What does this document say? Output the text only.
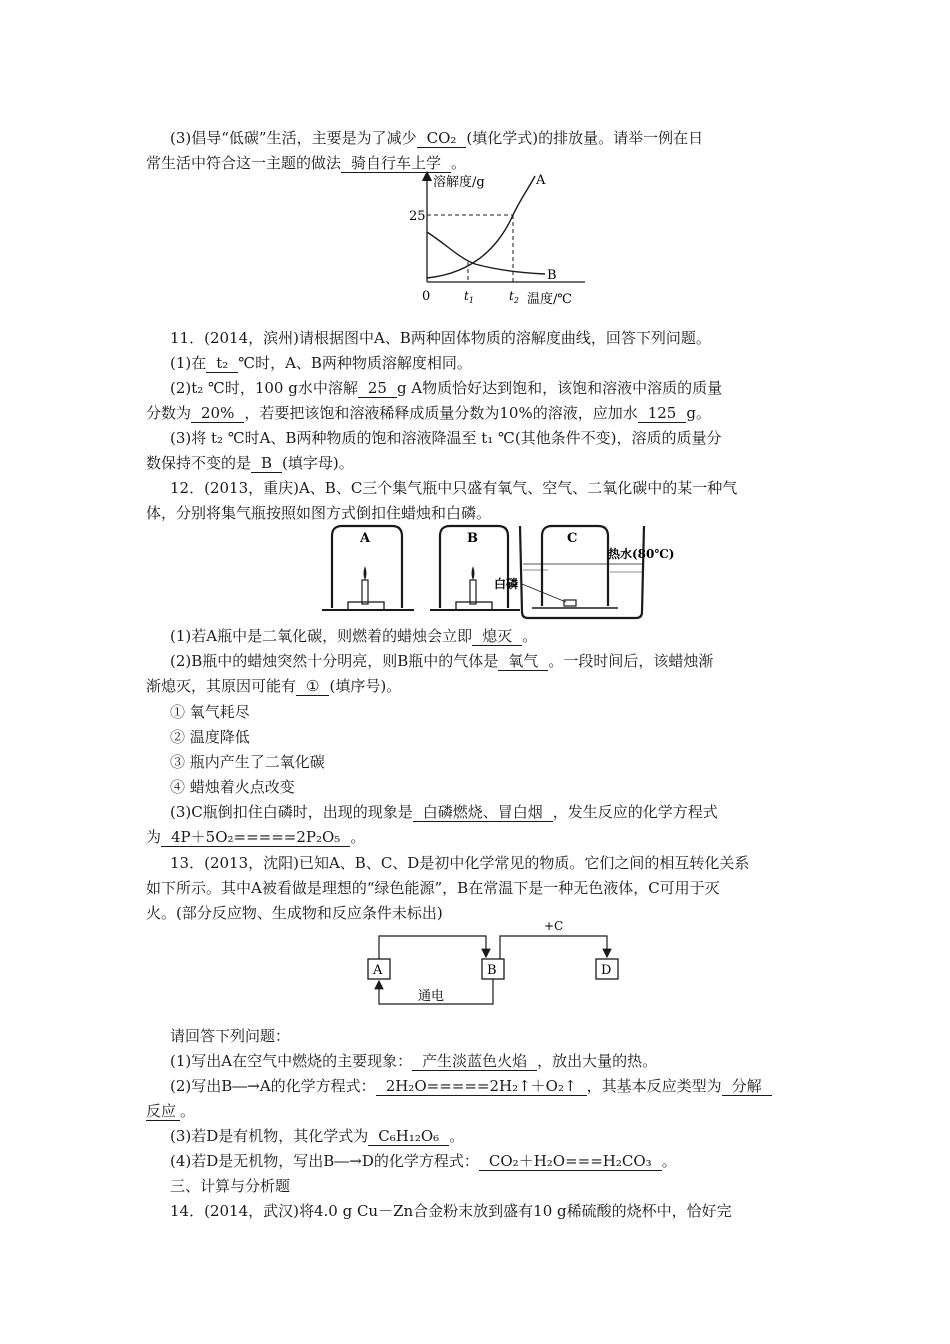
(3)倡导“低碳”生活，主要是为了减少 CO₂ (填化学式)的排放量。请举一例在日
常生活中符合这一主题的做法 骑自行车上学 。
溶解度/g
25
A
B
0	$t_1$	$t_2$ 温度/℃
11．(2014，滨州)请根据图中A、B两种固体物质的溶解度曲线，回答下列问题。
(1)在 t₂ ℃时，A、B两种物质溶解度相同。
(2)t₂ ℃时，100 g水中溶解 25 g A物质恰好达到饱和，该饱和溶液中溶质的质量
分数为 20% ，若要把该饱和溶液稀释成质量分数为10%的溶液，应加水 125 g。
(3)将 t₂ ℃时A、B两种物质的饱和溶液降温至 t₁ ℃(其他条件不变)，溶质的质量分
数保持不变的是 B (填字母)。
12．(2013，重庆)A、B、C三个集气瓶中只盛有氧气、空气、二氧化碳中的某一种气
体，分别将集气瓶按照如图方式倒扣住蜡烛和白磷。
A	B	C
热水(80℃)
白磷
(1)若A瓶中是二氧化碳，则燃着的蜡烛会立即 熄灭 。
(2)B瓶中的蜡烛突然十分明亮，则B瓶中的气体是 氧气 。一段时间后，该蜡烛渐
渐熄灭，其原因可能有 ① (填序号)。
① 氧气耗尽
② 温度降低
③ 瓶内产生了二氧化碳
④ 蜡烛着火点改变
(3)C瓶倒扣住白磷时，出现的现象是 白磷燃烧、冒白烟 ，发生反应的化学方程式
为 4P＋5O₂=====2P₂O₅ 。
13．(2013，沈阳)已知A、B、C、D是初中化学常见的物质。它们之间的相互转化关系
如下所示。其中A被看做是理想的“绿色能源”，B在常温下是一种无色液体，C可用于灭
火。(部分反应物、生成物和反应条件未标出)
A	B	D
+C
通电
请回答下列问题：
(1)写出A在空气中燃烧的主要现象： 产生淡蓝色火焰 ，放出大量的热。
(2)写出B―→A的化学方程式： 2H₂O=====2H₂↑＋O₂↑ ，其基本反应类型为 分解
反应 。
(3)若D是有机物，其化学式为 C₆H₁₂O₆ 。
(4)若D是无机物，写出B―→D的化学方程式： CO₂＋H₂O===H₂CO₃ 。
三、计算与分析题
14．(2014，武汉)将4.0 g Cu－Zn合金粉末放到盛有10 g稀硫酸的烧杯中，恰好完
